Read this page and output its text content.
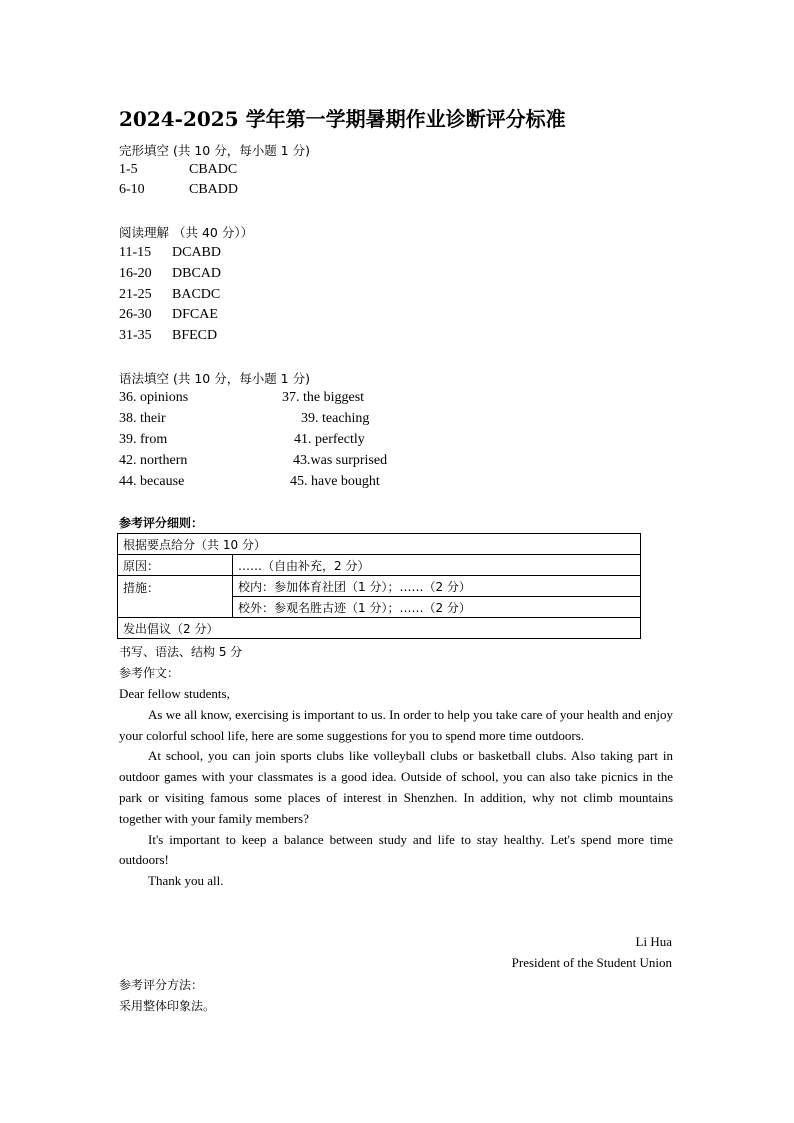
2024-2025 学年第一学期暑期作业诊断评分标准
完形填空 (共 10 分，每小题 1 分)
1-5	CBADC
6-10	CBADD
阅读理解 （共 40 分））
11-15 DCABD
16-20 DBCAD
21-25 BACDC
26-30 DFCAE
31-35 BFECD
语法填空 (共 10 分，每小题 1 分)
36. opinions	37. the biggest
38. their	39. teaching
39. from	41. perfectly
42. northern	43.was surprised
44. because	45. have bought
参考评分细则：
根据要点给分（共 10 分）	
原因：	……（自由补充，2 分）
措施：	校内：参加体育社团（1 分）；……（2 分）
	校外：参观名胜古迹（1 分）；……（2 分）
发出倡议（2 分）	
书写、语法、结构 5 分
参考作文：

Dear fellow students,

As we all know, exercising is important to us. In order to help you take care of your health and enjoy your colorful school life, here are some suggestions for you to spend more time outdoors.

At school, you can join sports clubs like volleyball clubs or basketball clubs. Also taking part in outdoor games with your classmates is a good idea. Outside of school, you can also take picnics in the park or visiting famous some places of interest in Shenzhen. In addition, why not climb mountains together with your family members?

It's important to keep a balance between study and life to stay healthy. Let's spend more time outdoors!

Thank you all.

Li Hua
President of the Student Union
参考评分方法：
采用整体印象法。
